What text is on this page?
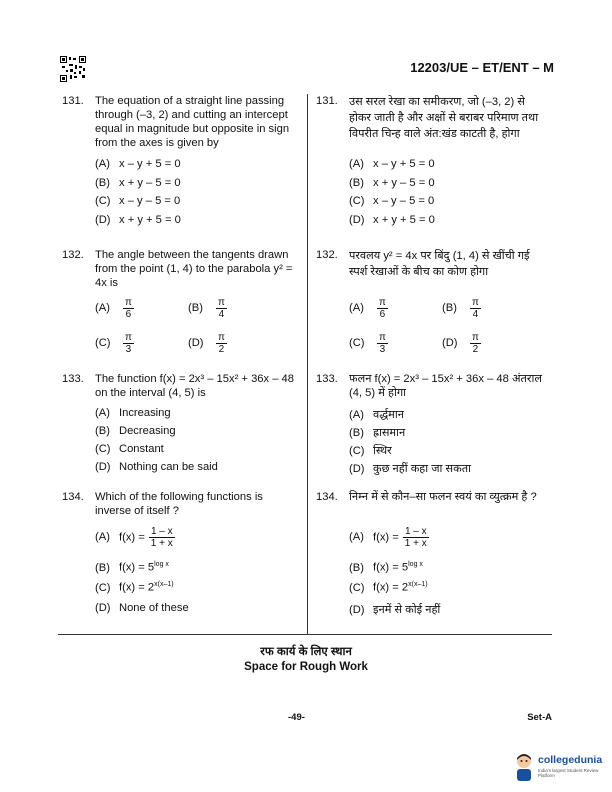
12203/UE – ET/ENT – M
131. The equation of a straight line passing through (–3, 2) and cutting an intercept equal in magnitude but opposite in sign from the axes is given by
(A) x – y + 5 = 0
(B) x + y – 5 = 0
(C) x – y – 5 = 0
(D) x + y + 5 = 0
132. The angle between the tangents drawn from the point (1, 4) to the parabola y² = 4x is
$(A) \frac{\pi}{6}$	$(B) \frac{\pi}{4}$
$(C) \frac{\pi}{3}$	$(D) \frac{\pi}{2}$
133. The function f(x) = 2x³ – 15x² + 36x – 48 on the interval (4, 5) is
(A) Increasing
(B) Decreasing
(C) Constant
(D) Nothing can be said
134. Which of the following functions is inverse of itself ?
(A) $f(x) = \frac{1 - x}{1 + x}$
(B) $f(x) = 5^{log x}$
(C) $f(x) = 2^{x(x-1)}$
(D) None of these
131. उस सरल रेखा का समीकरण, जो (–3, 2) से होकर जाती है और अक्षों से बराबर परिमाण तथा विपरीत चिन्ह वाले अंत:खंड काटती है, होगा
(A) x – y + 5 = 0
(B) x + y – 5 = 0
(C) x – y – 5 = 0
(D) x + y + 5 = 0
132. परवलय y² = 4x पर बिंदु (1, 4) से खींची गई स्पर्श रेखाओं के बीच का कोण होगा
$(A) \frac{\pi}{6}$	$(B) \frac{\pi}{4}$
$(C) \frac{\pi}{3}$	$(D) \frac{\pi}{2}$
133. फलन f(x) = 2x³ – 15x² + 36x – 48 अंतराल (4, 5) में होगा
(A) वर्द्धमान
(B) ह्रासमान
(C) स्थिर
(D) कुछ नहीं कहा जा सकता
134. निम्न में से कौन–सा फलन स्वयं का व्युत्क्रम है ?
(A) $f(x) = \frac{1 - x}{1 + x}$
(B) $f(x) = 5^{log x}$
(C) $f(x) = 2^{x(x-1)}$
(D) इनमें से कोई नहीं
रफ कार्य के लिए स्थान
Space for Rough Work
-49-	Set-A
collegedunia
India's largest Student Review Platform
